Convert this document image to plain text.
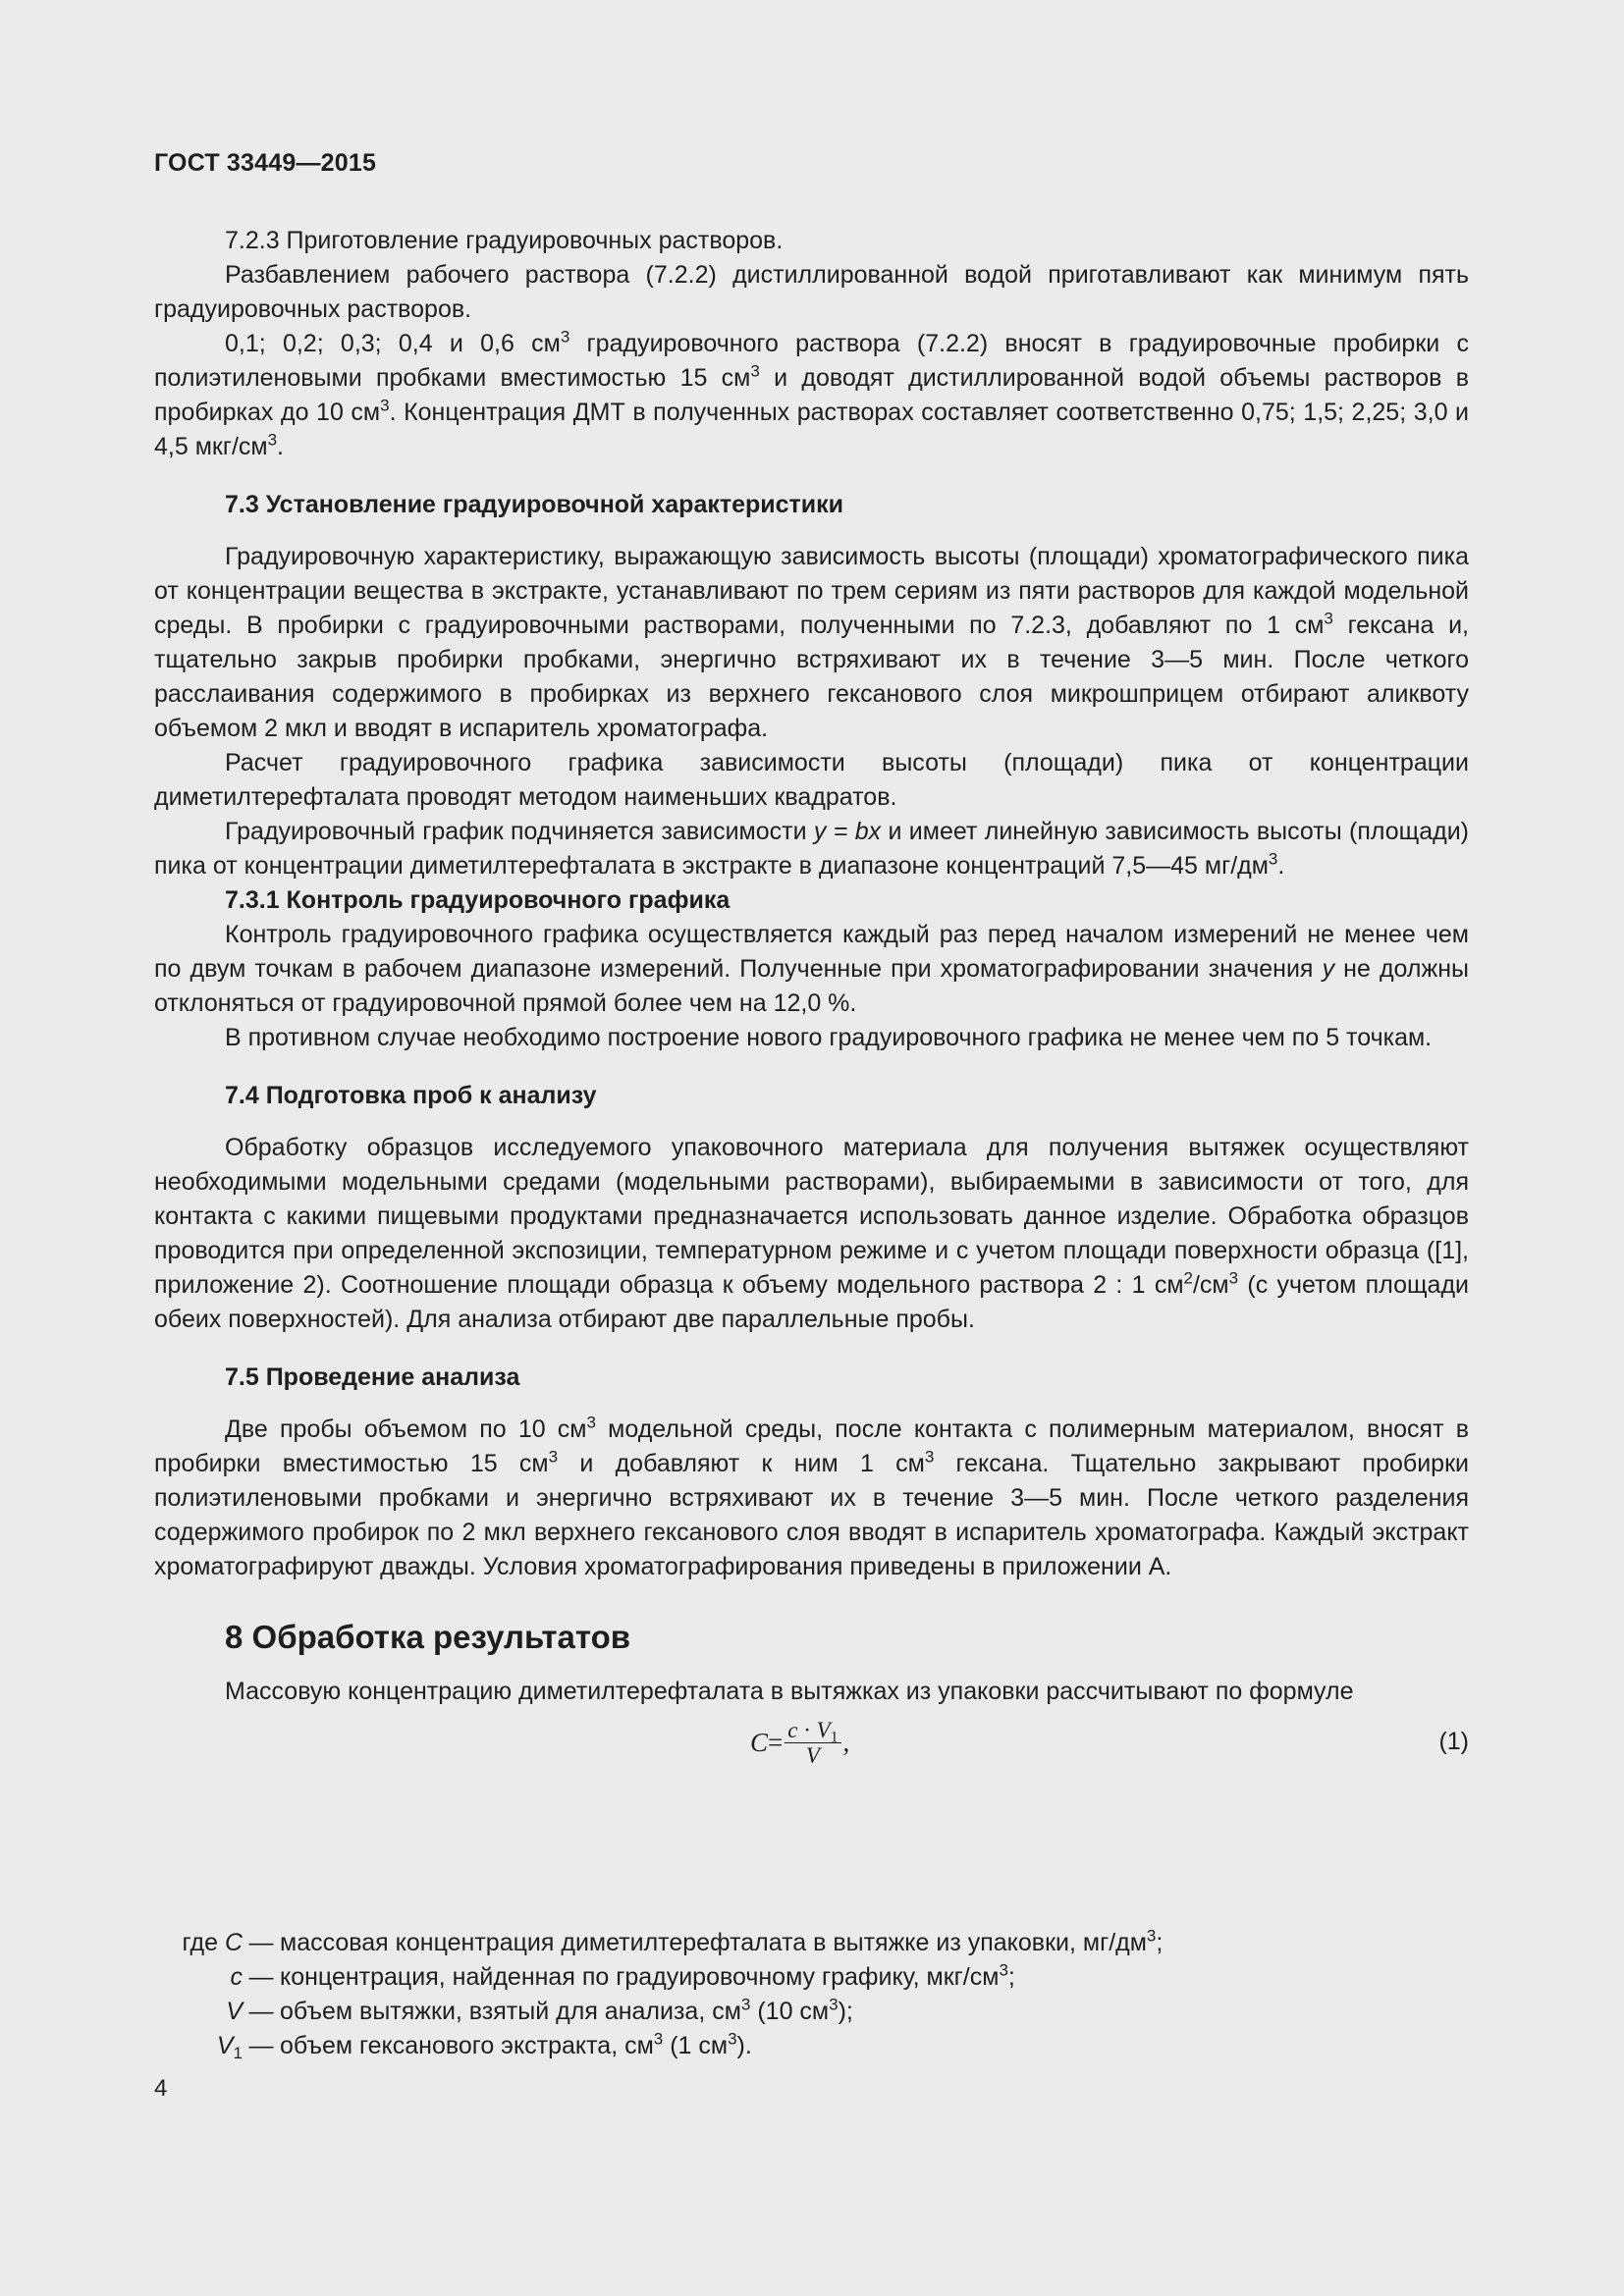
ГОСТ 33449—2015

7.2.3 Приготовление градуировочных растворов.

Разбавлением рабочего раствора (7.2.2) дистиллированной водой приготавливают как минимум пять градуировочных растворов.

0,1; 0,2; 0,3; 0,4 и 0,6 $см^3$ градуировочного раствора (7.2.2) вносят в градуировочные пробирки с полиэтиленовыми пробками вместимостью 15 $см^3$ и доводят дистиллированной водой объемы растворов в пробирках до 10 $см^3$. Концентрация ДМТ в полученных растворах составляет соответственно 0,75; 1,5; 2,25; 3,0 и 4,5 мкг/$см^3$.

7.3 Установление градуировочной характеристики

Градуировочную характеристику, выражающую зависимость высоты (площади) хроматографического пика от концентрации вещества в экстракте, устанавливают по трем сериям из пяти растворов для каждой модельной среды. В пробирки с градуировочными растворами, полученными по 7.2.3, добавляют по 1 $см^3$ гексана и, тщательно закрыв пробирки пробками, энергично встряхивают их в течение 3—5 мин. После четкого расслаивания содержимого в пробирках из верхнего гексанового слоя микрошприцем отбирают аликвоту объемом 2 мкл и вводят в испаритель хроматографа.

Расчет градуировочного графика зависимости высоты (площади) пика от концентрации диметилтерефталата проводят методом наименьших квадратов.

Градуировочный график подчиняется зависимости y = bx и имеет линейную зависимость высоты (площади) пика от концентрации диметилтерефталата в экстракте в диапазоне концентраций 7,5—45 $мг/дм^3$.

7.3.1 Контроль градуировочного графика

Контроль градуировочного графика осуществляется каждый раз перед началом измерений не менее чем по двум точкам в рабочем диапазоне измерений. Полученные при хроматографировании значения y не должны отклоняться от градуировочной прямой более чем на 12,0 %.

В противном случае необходимо построение нового градуировочного графика не менее чем по 5 точкам.

7.4 Подготовка проб к анализу

Обработку образцов исследуемого упаковочного материала для получения вытяжек осуществляют необходимыми модельными средами (модельными растворами), выбираемыми в зависимости от того, для контакта с какими пищевыми продуктами предназначается использовать данное изделие. Обработка образцов проводится при определенной экспозиции, температурном режиме и с учетом площади поверхности образца ([1], приложение 2). Соотношение площади образца к объему модельного раствора 2 : 1 $см^2/см^3$ (с учетом площади обеих поверхностей). Для анализа отбирают две параллельные пробы.

7.5 Проведение анализа

Две пробы объемом по 10 $см^3$ модельной среды, после контакта с полимерным материалом, вносят в пробирки вместимостью 15 $см^3$ и добавляют к ним 1 $см^3$ гексана. Тщательно закрывают пробирки полиэтиленовыми пробками и энергично встряхивают их в течение 3—5 мин. После четкого разделения содержимого пробирок по 2 мкл верхнего гексанового слоя вводят в испаритель хроматографа. Каждый экстракт хроматографируют дважды. Условия хроматографирования приведены в приложении А.

8 Обработка результатов

Массовую концентрацию диметилтерефталата в вытяжках из упаковки рассчитывают по формуле

$C = \frac{c \cdot V_1}{V}$ ,	(1)
где C	—	массовая концентрация диметилтерефталата в вытяжке из упаковки, $мг/дм^3$;
c	—	концентрация, найденная по градуировочному графику, мкг/$см^3$;
V	—	объем вытяжки, взятый для анализа, $см^3$ (10 $см^3$);
$V_1$	—	объем гексанового экстракта, $см^3$ (1 $см^3$).
4
